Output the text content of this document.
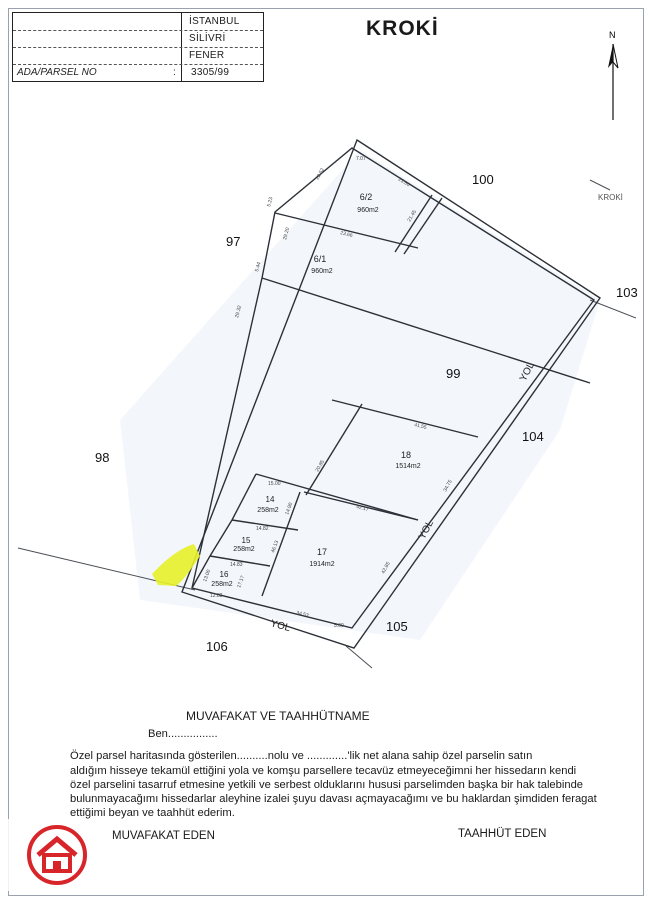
İSTANBUL
SİLİVRİ
FENER
ADA/PARSEL NO	: 3305/99
KROKİ	N
KROKİ
100
97
103
98
104
106
105
99	YOL
YOL
YOL
6/2
960m2
6/1
960m2
18
1514m2
14
258m2
15
258m2
16
258m2
17
1914m2
7.07
22.52
23.60
5.23
21.45
29.20	23.66
5.44
29.32
41.55
20.85
42.17
34.75
14.82
14.90
15.00
46.13
14.83
13.00
12.83
17.17
42.85
34.53
5.00
MUVAFAKAT VE TAAHHÜTNAME
Ben................
Özel parsel haritasında gösterilen..........nolu ve .............'lik net alana sahip özel parselin satın
aldığım hisseye tekamül ettiğini yola ve komşu parsellere tecavüz etmeyeceğimni her hissedarın kendi
özel parselini tasarruf etmesine yetkili ve serbest olduklarını hususi parselimden başka bir hak talebinde
bulunmayacağımı hissedarlar aleyhine izalei şuyu davası açmayacağımı ve bu haklardan şimdiden feragat
ettiğimi beyan ve taahhüt ederim.
MUVAFAKAT EDEN	TAAHHÜT EDEN
